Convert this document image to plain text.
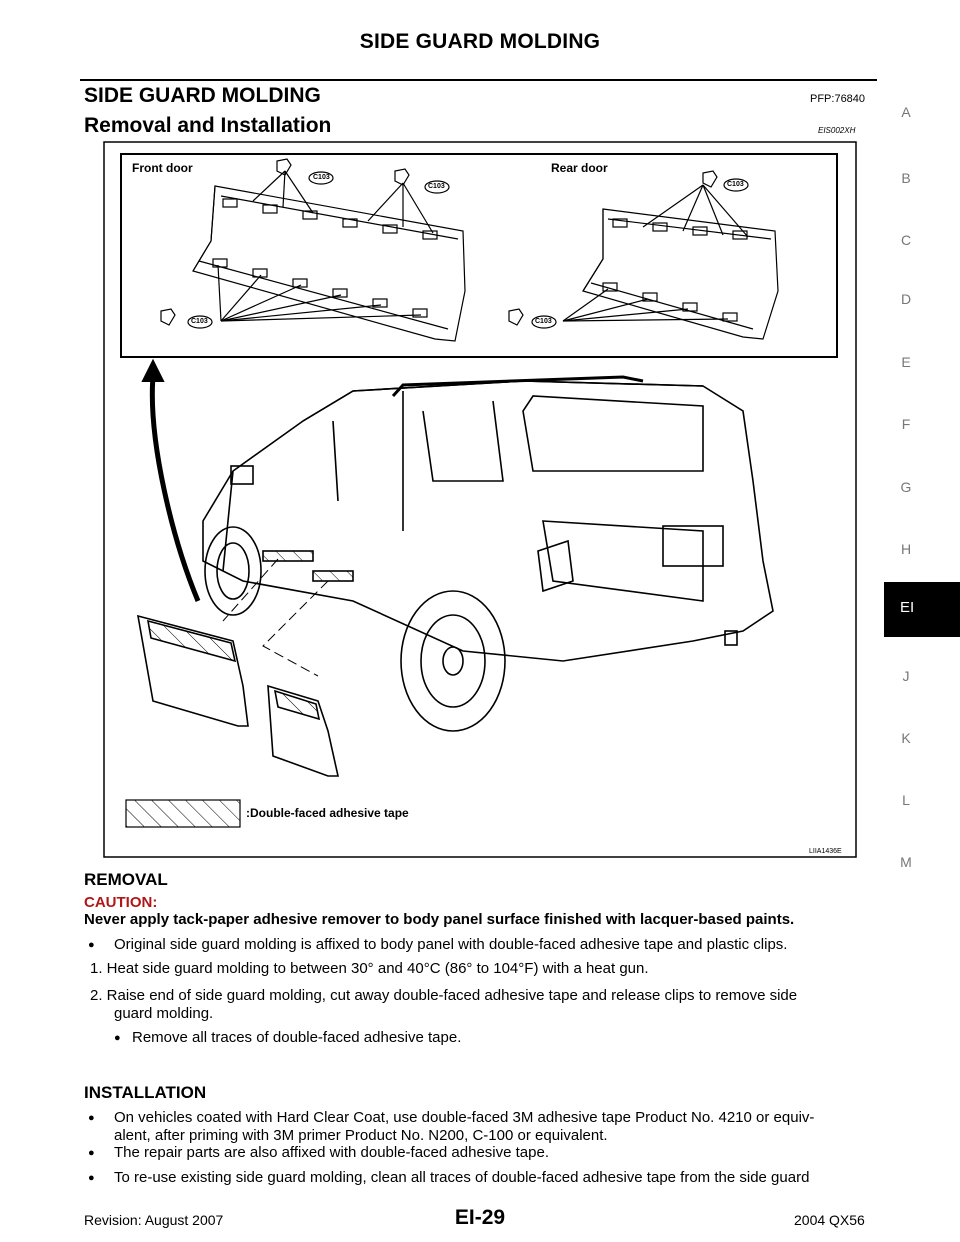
SIDE GUARD MOLDING
SIDE GUARD MOLDING	PFP:76840
Removal and Installation	EIS002XH
A
B
C
D
E
F
G
H
J
K
L
M
EI
Front door	Rear door
C103
C103
C103
C103
C103
:Double-faced adhesive tape
LIIA1436E
REMOVAL
CAUTION:
Never apply tack-paper adhesive remover to body panel surface finished with lacquer-based paints.
● Original side guard molding is affixed to body panel with double-faced adhesive tape and plastic clips.
1. Heat side guard molding to between 30° and 40°C (86° to 104°F) with a heat gun.
2. Raise end of side guard molding, cut away double-faced adhesive tape and release clips to remove side
guard molding.
● Remove all traces of double-faced adhesive tape.
INSTALLATION
● On vehicles coated with Hard Clear Coat, use double-faced 3M adhesive tape Product No. 4210 or equiv-
alent, after priming with 3M primer Product No. N200, C-100 or equivalent.
● The repair parts are also affixed with double-faced adhesive tape.
● To re-use existing side guard molding, clean all traces of double-faced adhesive tape from the side guard
Revision: August 2007	EI-29	2004 QX56
